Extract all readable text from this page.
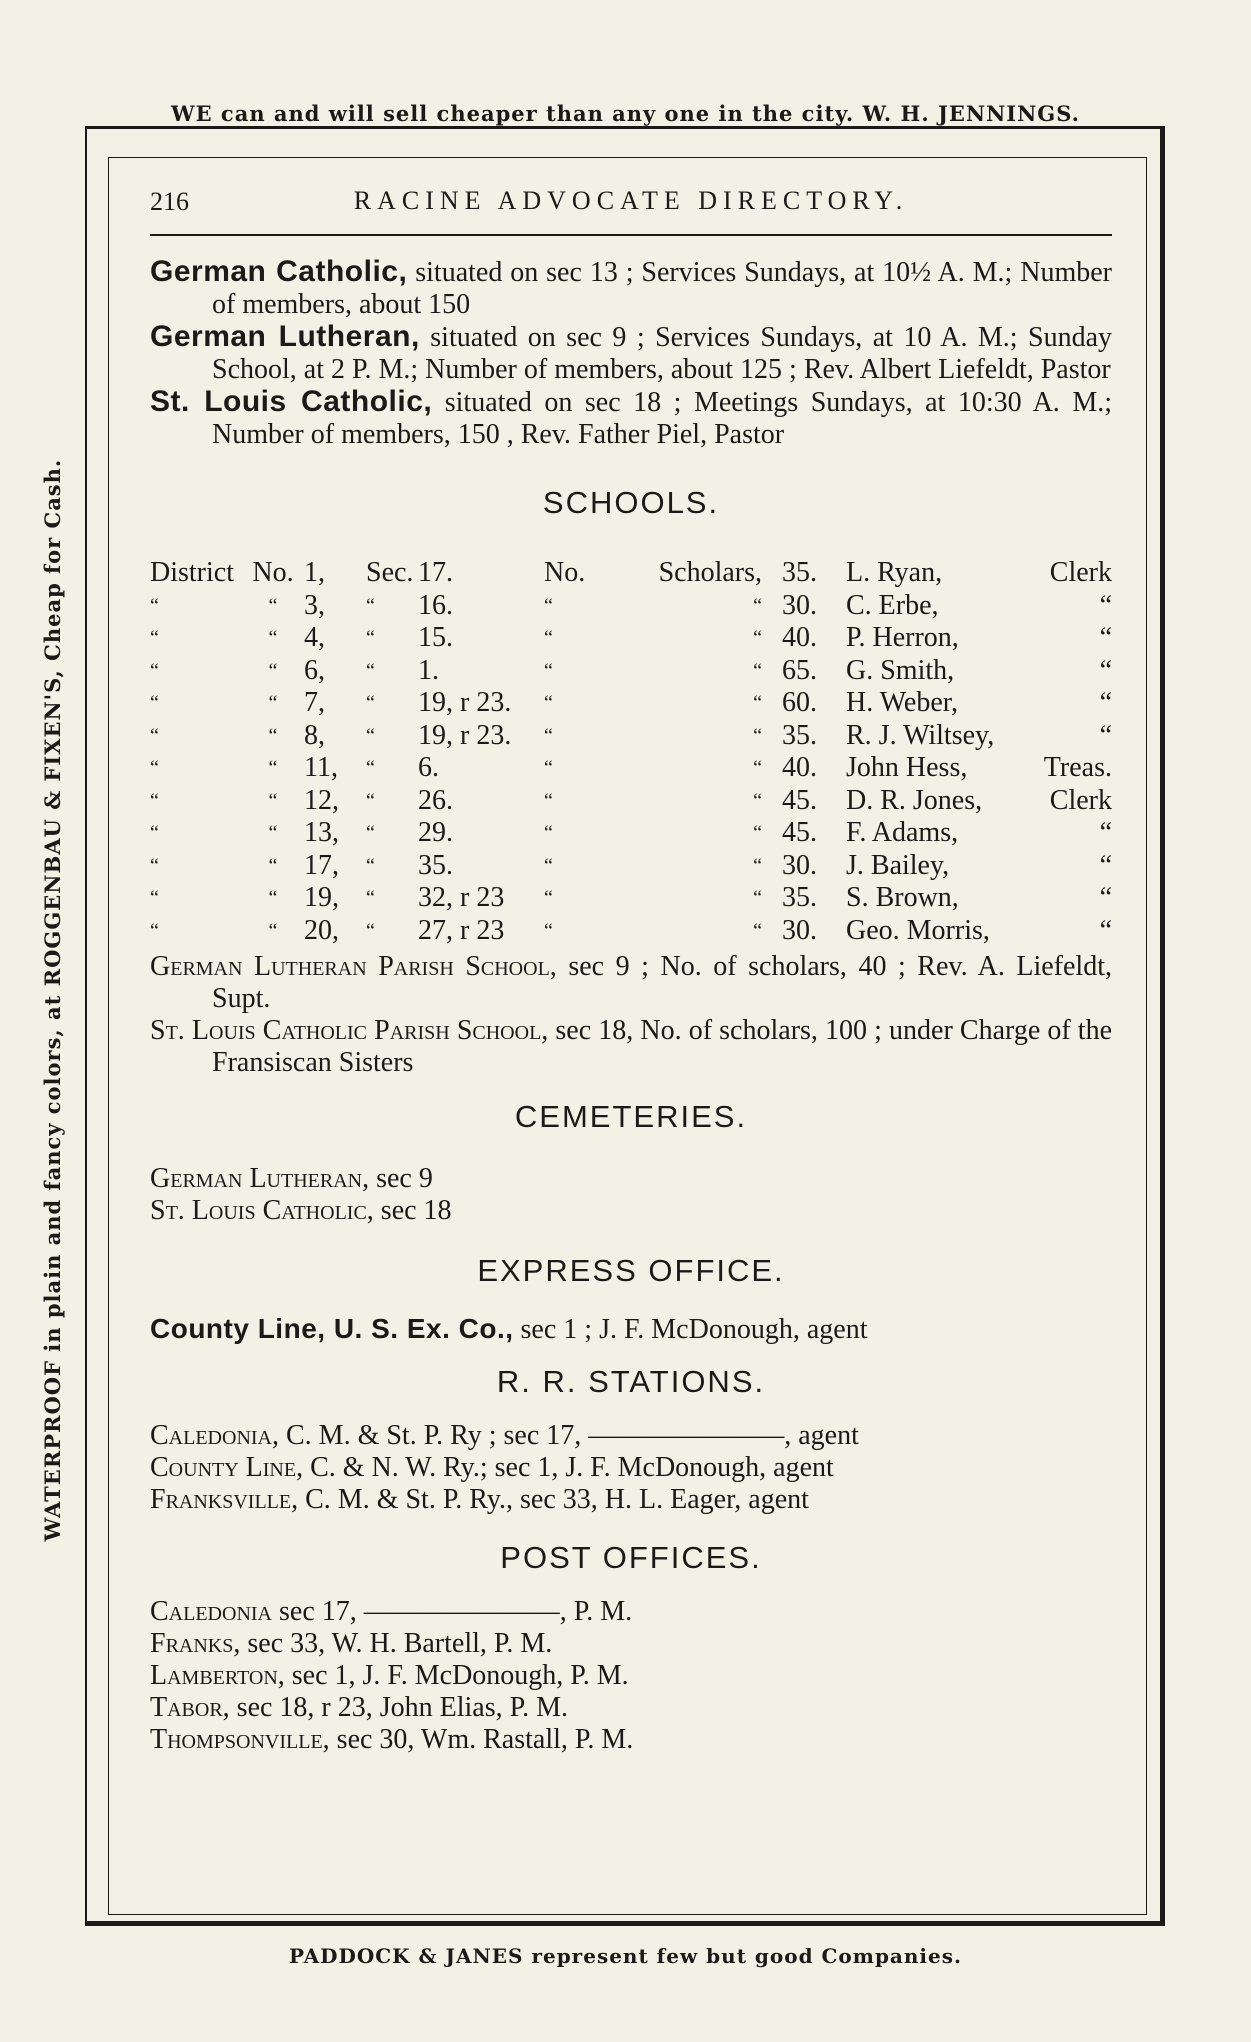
WE can and will sell cheaper than any one in the city. W. H. JENNINGS.
WATERPROOF in plain and fancy colors, at ROGGENBAU & FIXEN'S, Cheap for Cash.
PADDOCK & JANES represent few but good Companies.
216	RACINE ADVOCATE DIRECTORY.

German Catholic, situated on sec 13 ; Services Sundays, at 10½ A. M.; Number of members, about 150

German Lutheran, situated on sec 9 ; Services Sundays, at 10 A. M.; Sunday School, at 2 P. M.; Number of members, about 125 ; Rev. Albert Liefeldt, Pastor

St. Louis Catholic, situated on sec 18 ; Meetings Sundays, at 10:30 A. M.; Number of members, 150 , Rev. Father Piel, Pastor

SCHOOLS.
District	No.	1,	Sec.	17.	No.	Scholars,	35.	L. Ryan,	Clerk
“	“	3,	“	16.	“	“	30.	C. Erbe,	“
“	“	4,	“	15.	“	“	40.	P. Herron,	“
“	“	6,	“	1.	“	“	65.	G. Smith,	“
“	“	7,	“	19, r 23.	“	“	60.	H. Weber,	“
“	“	8,	“	19, r 23.	“	“	35.	R. J. Wiltsey,	“
“	“	11,	“	6.	“	“	40.	John Hess,	Treas.
“	“	12,	“	26.	“	“	45.	D. R. Jones,	Clerk
“	“	13,	“	29.	“	“	45.	F. Adams,	“
“	“	17,	“	35.	“	“	30.	J. Bailey,	“
“	“	19,	“	32, r 23	“	“	35.	S. Brown,	“
“	“	20,	“	27, r 23	“	“	30.	Geo. Morris,	“

German Lutheran Parish School, sec 9 ; No. of scholars, 40 ; Rev. A. Liefeldt, Supt.

St. Louis Catholic Parish School, sec 18, No. of scholars, 100 ; under Charge of the Fransiscan Sisters

CEMETERIES.

German Lutheran, sec 9

St. Louis Catholic, sec 18

EXPRESS OFFICE.

County Line, U. S. Ex. Co., sec 1 ; J. F. McDonough, agent

R. R. STATIONS.

Caledonia, C. M. & St. P. Ry ; sec 17, ———————, agent

County Line, C. & N. W. Ry.; sec 1, J. F. McDonough, agent

Franksville, C. M. & St. P. Ry., sec 33, H. L. Eager, agent

POST OFFICES.

Caledonia sec 17, ———————, P. M.

Franks, sec 33, W. H. Bartell, P. M.

Lamberton, sec 1, J. F. McDonough, P. M.

Tabor, sec 18, r 23, John Elias, P. M.

Thompsonville, sec 30, Wm. Rastall, P. M.
